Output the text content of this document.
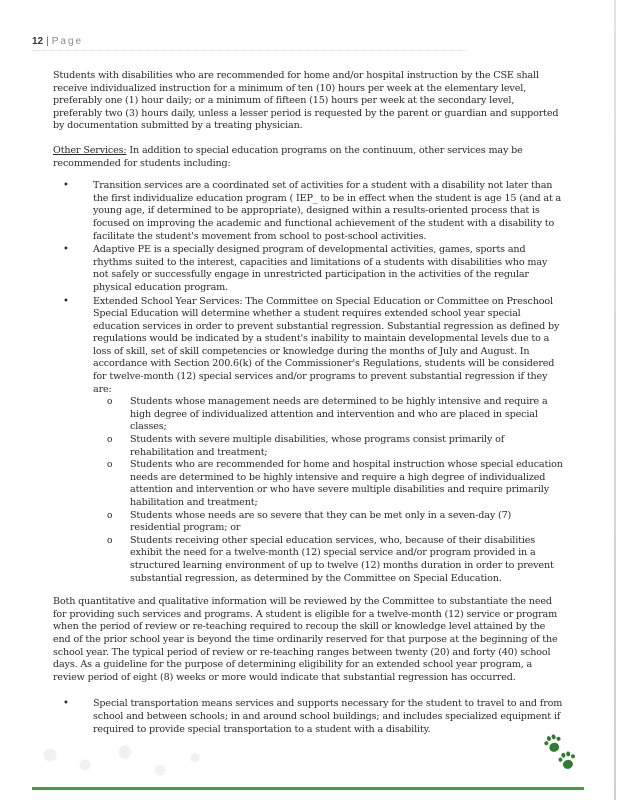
12 | Page

Students with disabilities who are recommended for home and/or hospital instruction by the CSE shall receive individualized instruction for a minimum of ten (10) hours per week at the elementary level, preferably one (1) hour daily; or a minimum of fifteen (15) hours per week at the secondary level, preferably two (3) hours daily, unless a lesser period is requested by the parent or guardian and supported by documentation submitted by a treating physician.

Other Services: In addition to special education programs on the continuum, other services may be recommended for students including:

•	Transition services are a coordinated set of activities for a student with a disability not later than the first individualize education program ( IEP_ to be in effect when the student is age 15 (and at a young age, if determined to be appropriate), designed within a results-oriented process that is focused on improving the academic and functional achievement of the student with a disability to facilitate the student's movement from school to post-school activities.
•	Adaptive PE is a specially designed program of developmental activities, games, sports and rhythms suited to the interest, capacities and limitations of a students with disabilities who may not safely or successfully engage in unrestricted participation in the activities of the regular physical education program.
•	Extended School Year Services: The Committee on Special Education or Committee on Preschool Special Education will determine whether a student requires extended school year special education services in order to prevent substantial regression. Substantial regression as defined by regulations would be indicated by a student's inability to maintain developmental levels due to a loss of skill, set of skill competencies or knowledge during the months of July and August. In accordance with Section 200.6(k) of the Commissioner's Regulations, students will be considered for twelve-month (12) special services and/or programs to prevent substantial regression if they are:
o Students whose management needs are determined to be highly intensive and require a high degree of individualized attention and intervention and who are placed in special classes;
o Students with severe multiple disabilities, whose programs consist primarily of rehabilitation and treatment;
o Students who are recommended for home and hospital instruction whose special education needs are determined to be highly intensive and require a high degree of individualized attention and intervention or who have severe multiple disabilities and require primarily habilitation and treatment;
o Students whose needs are so severe that they can be met only in a seven-day (7) residential program; or
o Students receiving other special education services, who, because of their disabilities exhibit the need for a twelve-month (12) special service and/or program provided in a structured learning environment of up to twelve (12) months duration in order to prevent substantial regression, as determined by the Committee on Special Education.

Both quantitative and qualitative information will be reviewed by the Committee to substantiate the need for providing such services and programs. A student is eligible for a twelve-month (12) service or program when the period of review or re-teaching required to recoup the skill or knowledge level attained by the end of the prior school year is beyond the time ordinarily reserved for that purpose at the beginning of the school year. The typical period of review or re-teaching ranges between twenty (20) and forty (40) school days. As a guideline for the purpose of determining eligibility for an extended school year program, a review period of eight (8) weeks or more would indicate that substantial regression has occurred.

•	Special transportation means services and supports necessary for the student to travel to and from school and between schools; in and around school buildings; and includes specialized equipment if required to provide special transportation to a student with a disability.
